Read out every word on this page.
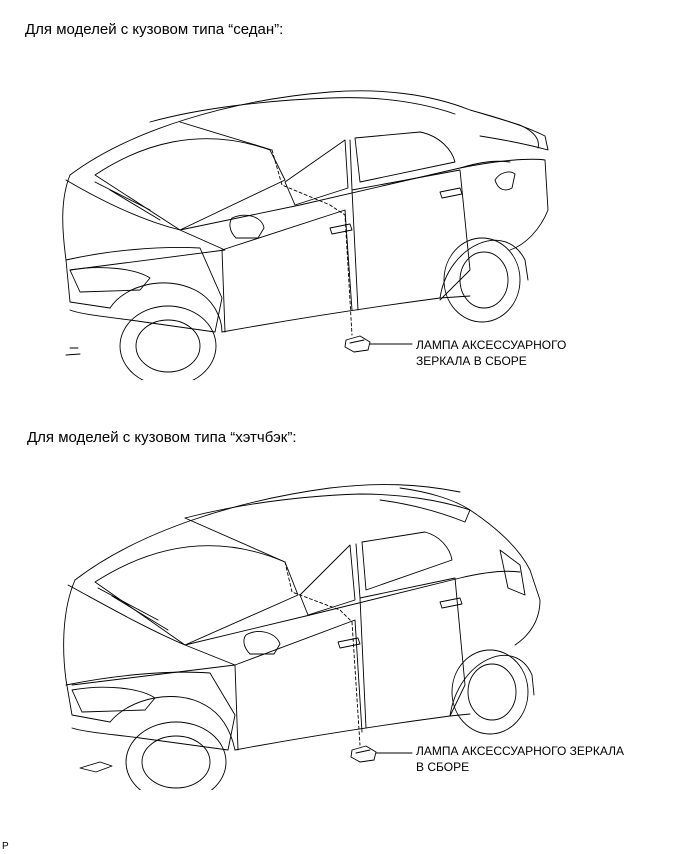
Для моделей с кузовом типа “седан”:
ЛАМПА АКСЕССУАРНОГО
ЗЕРКАЛА В СБОРЕ
Для моделей с кузовом типа “хэтчбэк”:
ЛАМПА АКСЕССУАРНОГО ЗЕРКАЛА
В СБОРЕ
P
